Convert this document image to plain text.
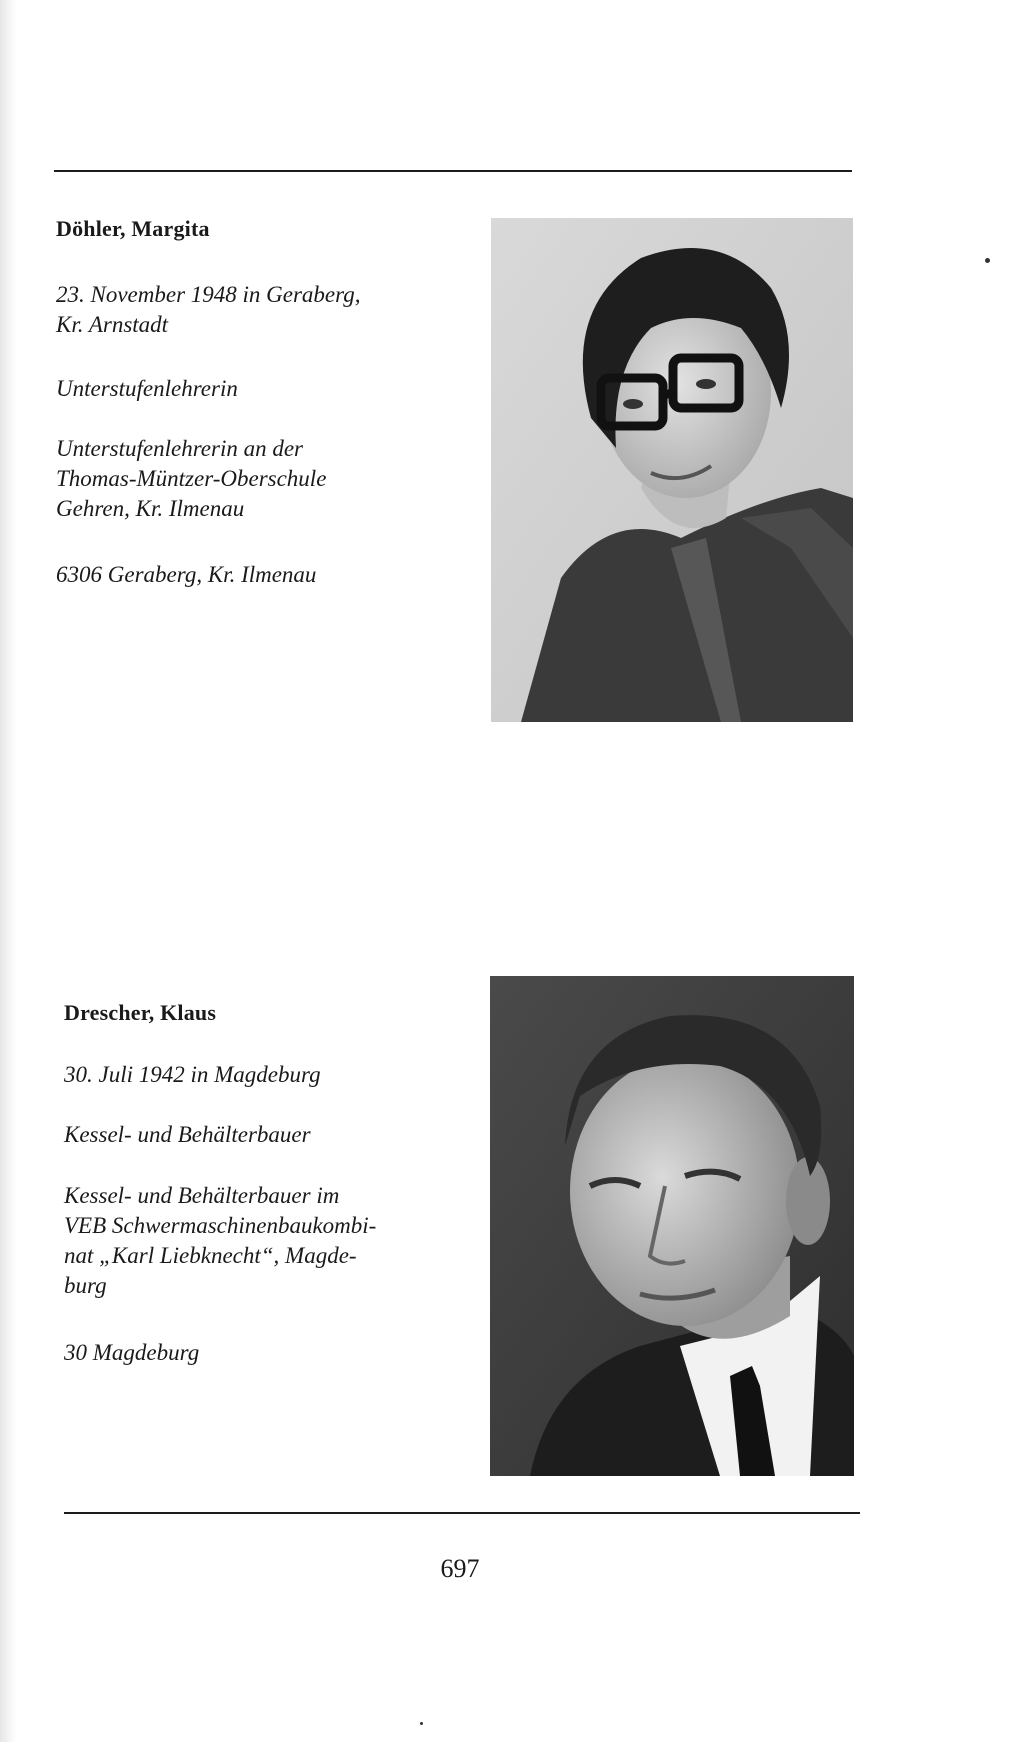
Döhler, Margita
23. November 1948 in Geraberg,
Kr. Arnstadt
Unterstufenlehrerin
Unterstufenlehrerin an der
Thomas-Müntzer-Oberschule
Gehren, Kr. Ilmenau
6306 Geraberg, Kr. Ilmenau
Drescher, Klaus
30. Juli 1942 in Magdeburg
Kessel- und Behälterbauer
Kessel- und Behälterbauer im
VEB Schwermaschinenbaukombi-
nat „Karl Liebknecht“, Magde-
burg
30 Magdeburg
697
